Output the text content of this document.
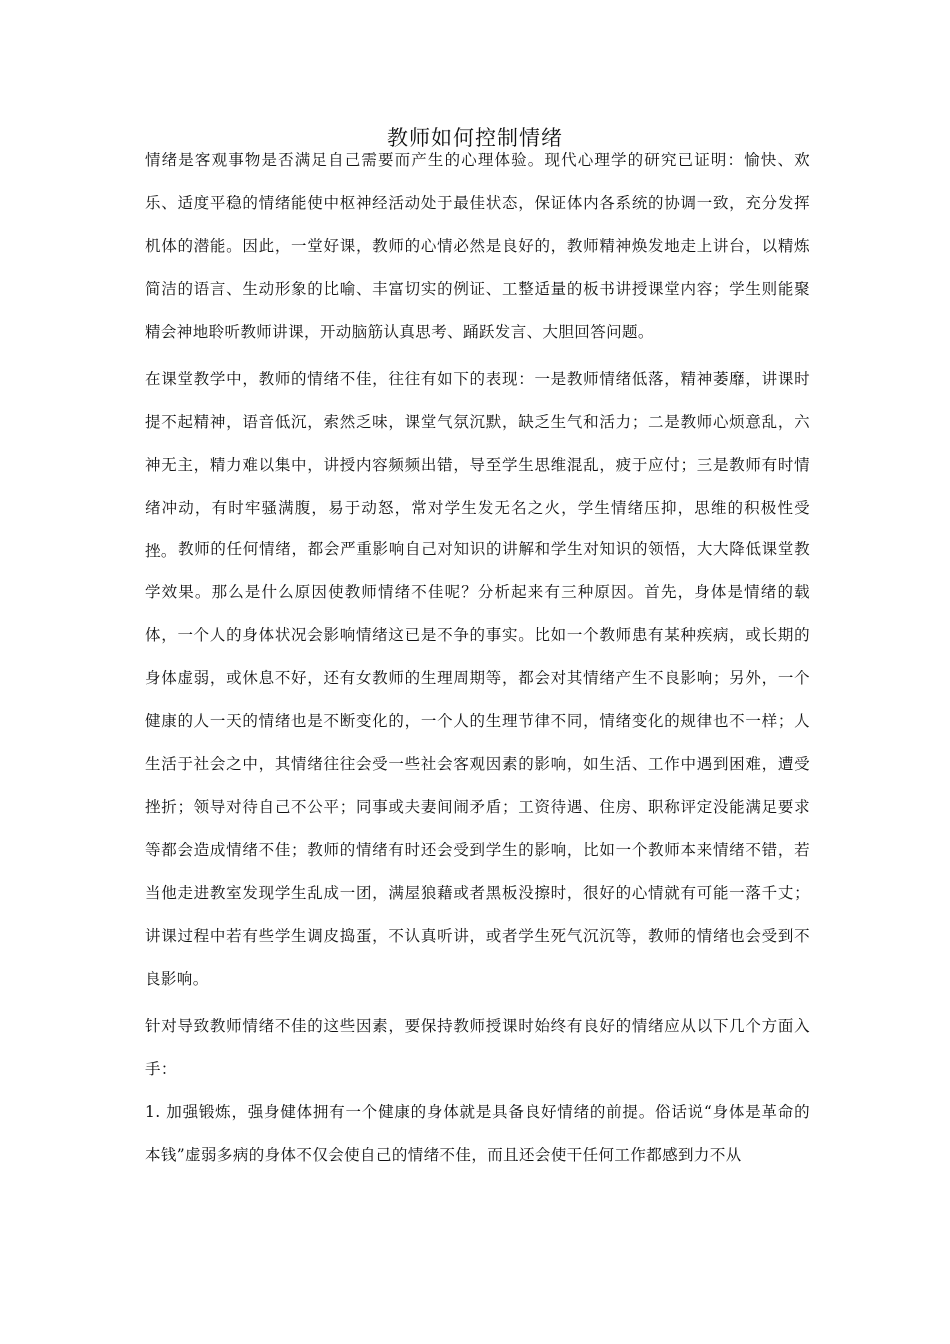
教师如何控制情绪
情绪是客观事物是否满足自己需要而产生的心理体验。现代心理学的研究已证明：愉快、欢乐、适度平稳的情绪能使中枢神经活动处于最佳状态，保证体内各系统的协调一致，充分发挥机体的潜能。因此，一堂好课，教师的心情必然是良好的，教师精神焕发地走上讲台，以精炼简洁的语言、生动形象的比喻、丰富切实的例证、工整适量的板书讲授课堂内容；学生则能聚精会神地聆听教师讲课，开动脑筋认真思考、踊跃发言、大胆回答问题。
在课堂教学中，教师的情绪不佳，往往有如下的表现：一是教师情绪低落，精神萎靡，讲课时提不起精神，语音低沉，索然乏味，课堂气氛沉默，缺乏生气和活力；二是教师心烦意乱，六神无主，精力难以集中，讲授内容频频出错，导至学生思维混乱，疲于应付；三是教师有时情绪冲动，有时牢骚满腹，易于动怒，常对学生发无名之火，学生情绪压抑，思维的积极性受挫。 教师的任何情绪，都会严重影响自己对知识的讲解和学生对知识的领悟，大大降低课堂教学效果。那么是什么原因使教师情绪不佳呢？分析起来有三种原因。首先，身体是情绪的载体，一个人的身体状况会影响情绪这已是不争的事实。比如一个教师患有某种疾病，或长期的身体虚弱，或休息不好，还有女教师的生理周期等，都会对其情绪产生不良影响；另外，一个健康的人一天的情绪也是不断变化的，一个人的生理节律不同，情绪变化的规律也不一样；人生活于社会之中，其情绪往往会受一些社会客观因素的影响，如生活、工作中遇到困难，遭受挫折；领导对待自己不公平；同事或夫妻间闹矛盾；工资待遇、住房、职称评定没能满足要求等都会造成情绪不佳；教师的情绪有时还会受到学生的影响，比如一个教师本来情绪不错，若当他走进教室发现学生乱成一团，满屋狼藉或者黑板没擦时，很好的心情就有可能一落千丈；讲课过程中若有些学生调皮捣蛋，不认真听讲，或者学生死气沉沉等，教师的情绪也会受到不良影响。
针对导致教师情绪不佳的这些因素，要保持教师授课时始终有良好的情绪应从以下几个方面入手：
1. 加强锻炼，强身健体拥有一个健康的身体就是具备良好情绪的前提。俗话说“身体是革命的本钱”虚弱多病的身体不仅会使自己的情绪不佳，而且还会使干任何工作都感到力不从
